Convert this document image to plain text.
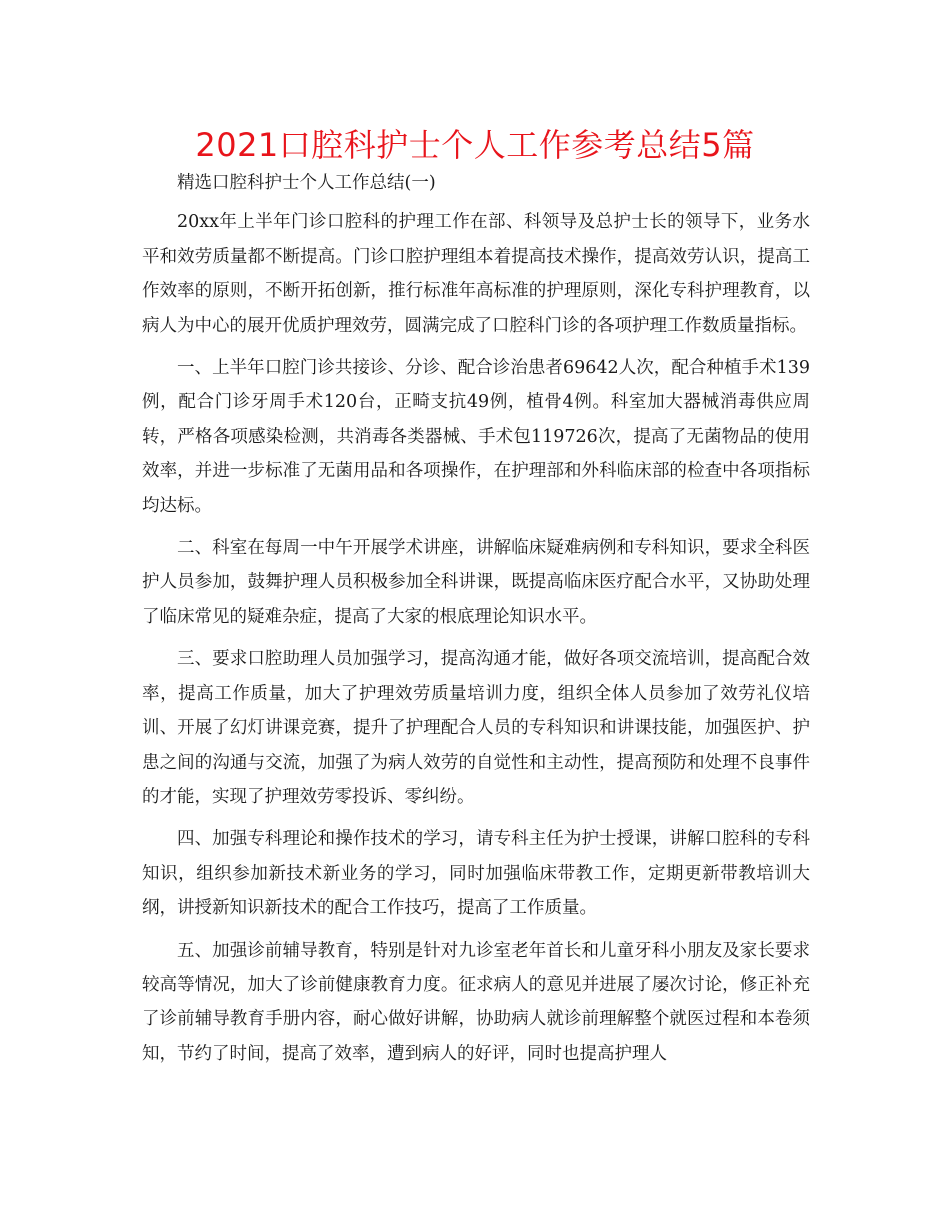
2021口腔科护士个人工作参考总结5篇

精选口腔科护士个人工作总结(一)

20xx年上半年门诊口腔科的护理工作在部、科领导及总护士长的领导下，业务水平和效劳质量都不断提高。门诊口腔护理组本着提高技术操作，提高效劳认识，提高工作效率的原则，不断开拓创新，推行标准年高标准的护理原则，深化专科护理教育，以病人为中心的展开优质护理效劳，圆满完成了口腔科门诊的各项护理工作数质量指标。

一、上半年口腔门诊共接诊、分诊、配合诊治患者69642人次，配合种植手术139例，配合门诊牙周手术120台，正畸支抗49例，植骨4例。科室加大器械消毒供应周转，严格各项感染检测，共消毒各类器械、手术包119726次，提高了无菌物品的使用效率，并进一步标准了无菌用品和各项操作，在护理部和外科临床部的检查中各项指标均达标。

二、科室在每周一中午开展学术讲座，讲解临床疑难病例和专科知识，要求全科医护人员参加，鼓舞护理人员积极参加全科讲课，既提高临床医疗配合水平，又协助处理了临床常见的疑难杂症，提高了大家的根底理论知识水平。

三、要求口腔助理人员加强学习，提高沟通才能，做好各项交流培训，提高配合效率，提高工作质量，加大了护理效劳质量培训力度，组织全体人员参加了效劳礼仪培训、开展了幻灯讲课竞赛，提升了护理配合人员的专科知识和讲课技能，加强医护、护患之间的沟通与交流，加强了为病人效劳的自觉性和主动性，提高预防和处理不良事件的才能，实现了护理效劳零投诉、零纠纷。

四、加强专科理论和操作技术的学习，请专科主任为护士授课，讲解口腔科的专科知识，组织参加新技术新业务的学习，同时加强临床带教工作，定期更新带教培训大纲，讲授新知识新技术的配合工作技巧，提高了工作质量。

五、加强诊前辅导教育，特别是针对九诊室老年首长和儿童牙科小朋友及家长要求较高等情况，加大了诊前健康教育力度。征求病人的意见并进展了屡次讨论，修正补充了诊前辅导教育手册内容，耐心做好讲解，协助病人就诊前理解整个就医过程和本卷须知，节约了时间，提高了效率，遭到病人的好评，同时也提高护理人
